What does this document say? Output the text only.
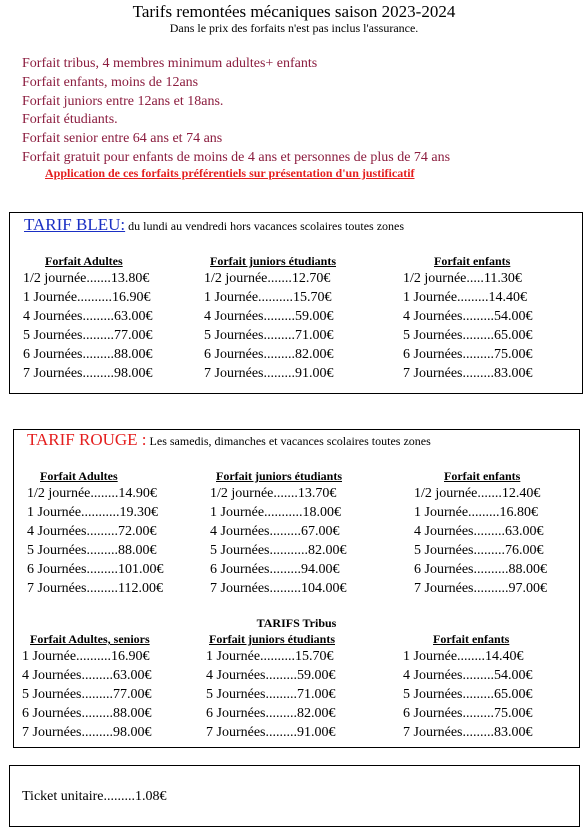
Tarifs remontées mécaniques saison 2023-2024
Dans le prix des forfaits n'est pas inclus l'assurance.
Forfait tribus, 4 membres minimum adultes+ enfants
Forfait enfants, moins de 12ans
Forfait juniors entre 12ans et 18ans.
Forfait étudiants.
Forfait senior entre 64 ans et 74 ans
Forfait gratuit pour enfants de moins de 4 ans et personnes de plus de 74 ans
Application de ces forfaits préférentiels sur présentation d'un justificatif
TARIF BLEU: du lundi au vendredi hors vacances scolaires toutes zones
Forfait Adultes
1/2 journée.......13.80€
1 Journée..........16.90€
4 Journées.........63.00€
5 Journées.........77.00€
6 Journées.........88.00€
7 Journées.........98.00€
Forfait juniors étudiants
1/2 journée.......12.70€
1 Journée..........15.70€
4 Journées.........59.00€
5 Journées.........71.00€
6 Journées.........82.00€
7 Journées.........91.00€
Forfait enfants
1/2 journée.....11.30€
1 Journée.........14.40€
4 Journées.........54.00€
5 Journées.........65.00€
6 Journées.........75.00€
7 Journées.........83.00€
TARIF ROUGE : Les samedis, dimanches et vacances scolaires toutes zones
Forfait Adultes
1/2 journée........14.90€
1 Journée...........19.30€
4 Journées.........72.00€
5 Journées.........88.00€
6 Journées.........101.00€
7 Journées.........112.00€
Forfait juniors étudiants
1/2 journée.......13.70€
1 Journée...........18.00€
4 Journées.........67.00€
5 Journées...........82.00€
6 Journées.........94.00€
7 Journées.........104.00€
Forfait enfants
1/2 journée.......12.40€
1 Journée.........16.80€
4 Journées.........63.00€
5 Journées.........76.00€
6 Journées..........88.00€
7 Journées..........97.00€
TARIFS Tribus
Forfait Adultes, seniors
1 Journée..........16.90€
4 Journées.........63.00€
5 Journées.........77.00€
6 Journées.........88.00€
7 Journées.........98.00€
Forfait juniors étudiants
1 Journée..........15.70€
4 Journées.........59.00€
5 Journées.........71.00€
6 Journées.........82.00€
7 Journées.........91.00€
Forfait enfants
1 Journée........14.40€
4 Journées.........54.00€
5 Journées.........65.00€
6 Journées.........75.00€
7 Journées.........83.00€
Ticket unitaire.........1.08€
